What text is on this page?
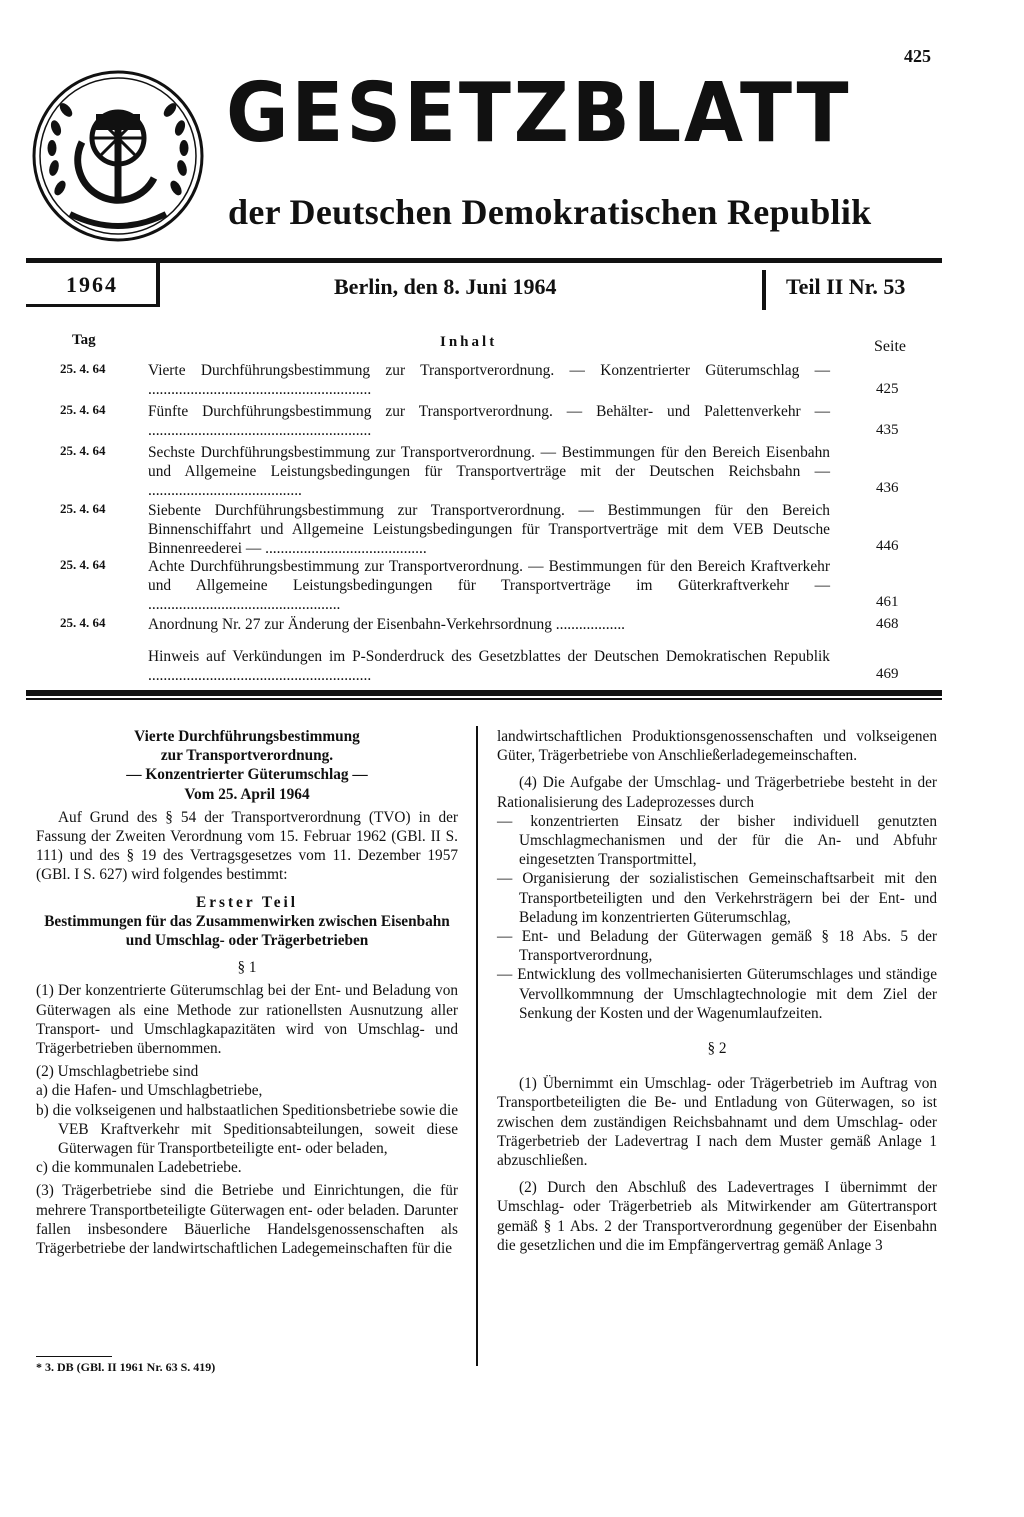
425
GESETZBLATT
der Deutschen Demokratischen Republik
1964	Berlin, den 8. Juni 1964	Teil II Nr. 53
Tag	Inhalt	Seite
25. 4. 64	Vierte Durchführungsbestimmung zur Transportverordnung. — Konzentrierter Güterumschlag — ..........................................................	425
25. 4. 64	Fünfte Durchführungsbestimmung zur Transportverordnung. — Behälter- und Palettenverkehr — ..........................................................	435
25. 4. 64	Sechste Durchführungsbestimmung zur Transportverordnung. — Bestimmungen für den Bereich Eisenbahn und Allgemeine Leistungsbedingungen für Transportverträge mit der Deutschen Reichsbahn — ........................................	436
25. 4. 64	Siebente Durchführungsbestimmung zur Transportverordnung. — Bestimmungen für den Bereich Binnenschiffahrt und Allgemeine Leistungsbedingungen für Transportverträge mit dem VEB Deutsche Binnenreederei — ..........................................	446
25. 4. 64	Achte Durchführungsbestimmung zur Transportverordnung. — Bestimmungen für den Bereich Kraftverkehr und Allgemeine Leistungsbedingungen für Transportverträge im Güterkraftverkehr — ..................................................	461
25. 4. 64	Anordnung Nr. 27 zur Änderung der Eisenbahn-Verkehrsordnung ..................	468
Hinweis auf Verkündungen im P-Sonderdruck des Gesetzblattes der Deutschen Demokratischen Republik ..........................................................	469

Vierte Durchführungsbestimmung

zur Transportverordnung.

— Konzentrierter Güterumschlag —

Vom 25. April 1964

Auf Grund des § 54 der Transportverordnung (TVO) in der Fassung der Zweiten Verordnung vom 15. Februar 1962 (GBl. II S. 111) und des § 19 des Vertragsgesetzes vom 11. Dezember 1957 (GBl. I S. 627) wird folgendes bestimmt:

Erster Teil

Bestimmungen für das Zusammenwirken zwischen Eisenbahn und Umschlag- oder Trägerbetrieben

§ 1

(1) Der konzentrierte Güterumschlag bei der Ent- und Beladung von Güterwagen als eine Methode zur rationellsten Ausnutzung aller Transport- und Umschlagkapazitäten wird von Umschlag- und Trägerbetrieben übernommen.

(2) Umschlagbetriebe sind

a) die Hafen- und Umschlagbetriebe,

b) die volkseigenen und halbstaatlichen Speditionsbetriebe sowie die VEB Kraftverkehr mit Speditionsabteilungen, soweit diese Güterwagen für Transportbeteiligte ent- oder beladen,

c) die kommunalen Ladebetriebe.

(3) Trägerbetriebe sind die Betriebe und Einrichtungen, die für mehrere Transportbeteiligte Güterwagen ent- oder beladen. Darunter fallen insbesondere Bäuerliche Handelsgenossenschaften als Trägerbetriebe der landwirtschaftlichen Ladegemeinschaften für die

* 3. DB (GBl. II 1961 Nr. 63 S. 419)

landwirtschaftlichen Produktionsgenossenschaften und volkseigenen Güter, Trägerbetriebe von Anschließerladegemeinschaften.

(4) Die Aufgabe der Umschlag- und Trägerbetriebe besteht in der Rationalisierung des Ladeprozesses durch

— konzentrierten Einsatz der bisher individuell genutzten Umschlagmechanismen und der für die An- und Abfuhr eingesetzten Transportmittel,

— Organisierung der sozialistischen Gemeinschaftsarbeit mit den Transportbeteiligten und den Verkehrsträgern bei der Ent- und Beladung im konzentrierten Güterumschlag,

— Ent- und Beladung der Güterwagen gemäß § 18 Abs. 5 der Transportverordnung,

— Entwicklung des vollmechanisierten Güterumschlages und ständige Vervollkommnung der Umschlagtechnologie mit dem Ziel der Senkung der Kosten und der Wagenumlaufzeiten.

§ 2

(1) Übernimmt ein Umschlag- oder Trägerbetrieb im Auftrag von Transportbeteiligten die Be- und Entladung von Güterwagen, so ist zwischen dem zuständigen Reichsbahnamt und dem Umschlag- oder Trägerbetrieb der Ladevertrag I nach dem Muster gemäß Anlage 1 abzuschließen.

(2) Durch den Abschluß des Ladevertrages I übernimmt der Umschlag- oder Trägerbetrieb als Mitwirkender am Gütertransport gemäß § 1 Abs. 2 der Transportverordnung gegenüber der Eisenbahn die gesetzlichen und die im Empfängervertrag gemäß Anlage 3
